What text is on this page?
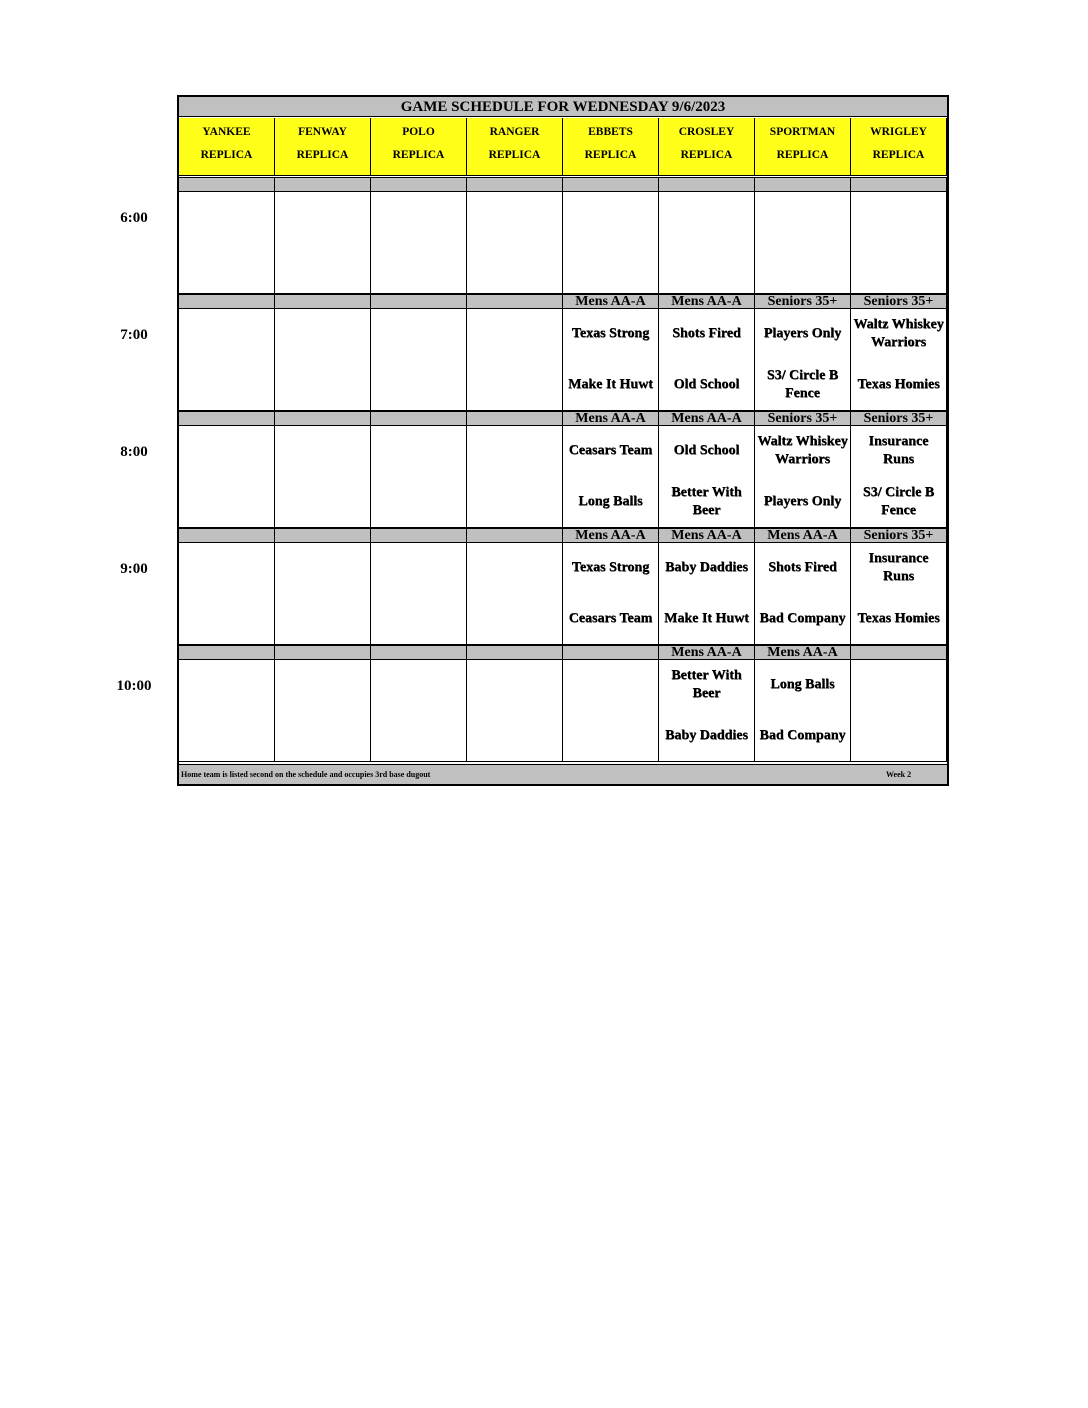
GAME SCHEDULE FOR WEDNESDAY 9/6/2023
Home team is listed second on the schedule and occupies 3rd base dugout	Week 2
YANKEE
REPLICA
FENWAY
REPLICA
POLO
REPLICA
RANGER
REPLICA
EBBETS
REPLICA
CROSLEY
REPLICA
SPORTMAN
REPLICA
WRIGLEY
REPLICA
6:00
7:00
Mens AA-A
Texas Strong
Make It Huwt
Mens AA-A
Shots Fired
Old School
Seniors 35+
Players Only
S3/ Circle B Fence
Seniors 35+
Waltz Whiskey Warriors
Texas Homies
8:00
Mens AA-A
Ceasars Team
Long Balls
Mens AA-A
Old School
Better With Beer
Seniors 35+
Waltz Whiskey Warriors
Players Only
Seniors 35+
Insurance Runs
S3/ Circle B Fence
9:00
Mens AA-A
Texas Strong
Ceasars Team
Mens AA-A
Baby Daddies
Make It Huwt
Mens AA-A
Shots Fired
Bad Company
Seniors 35+
Insurance Runs
Texas Homies
10:00
Mens AA-A
Better With Beer
Baby Daddies
Mens AA-A
Long Balls
Bad Company
